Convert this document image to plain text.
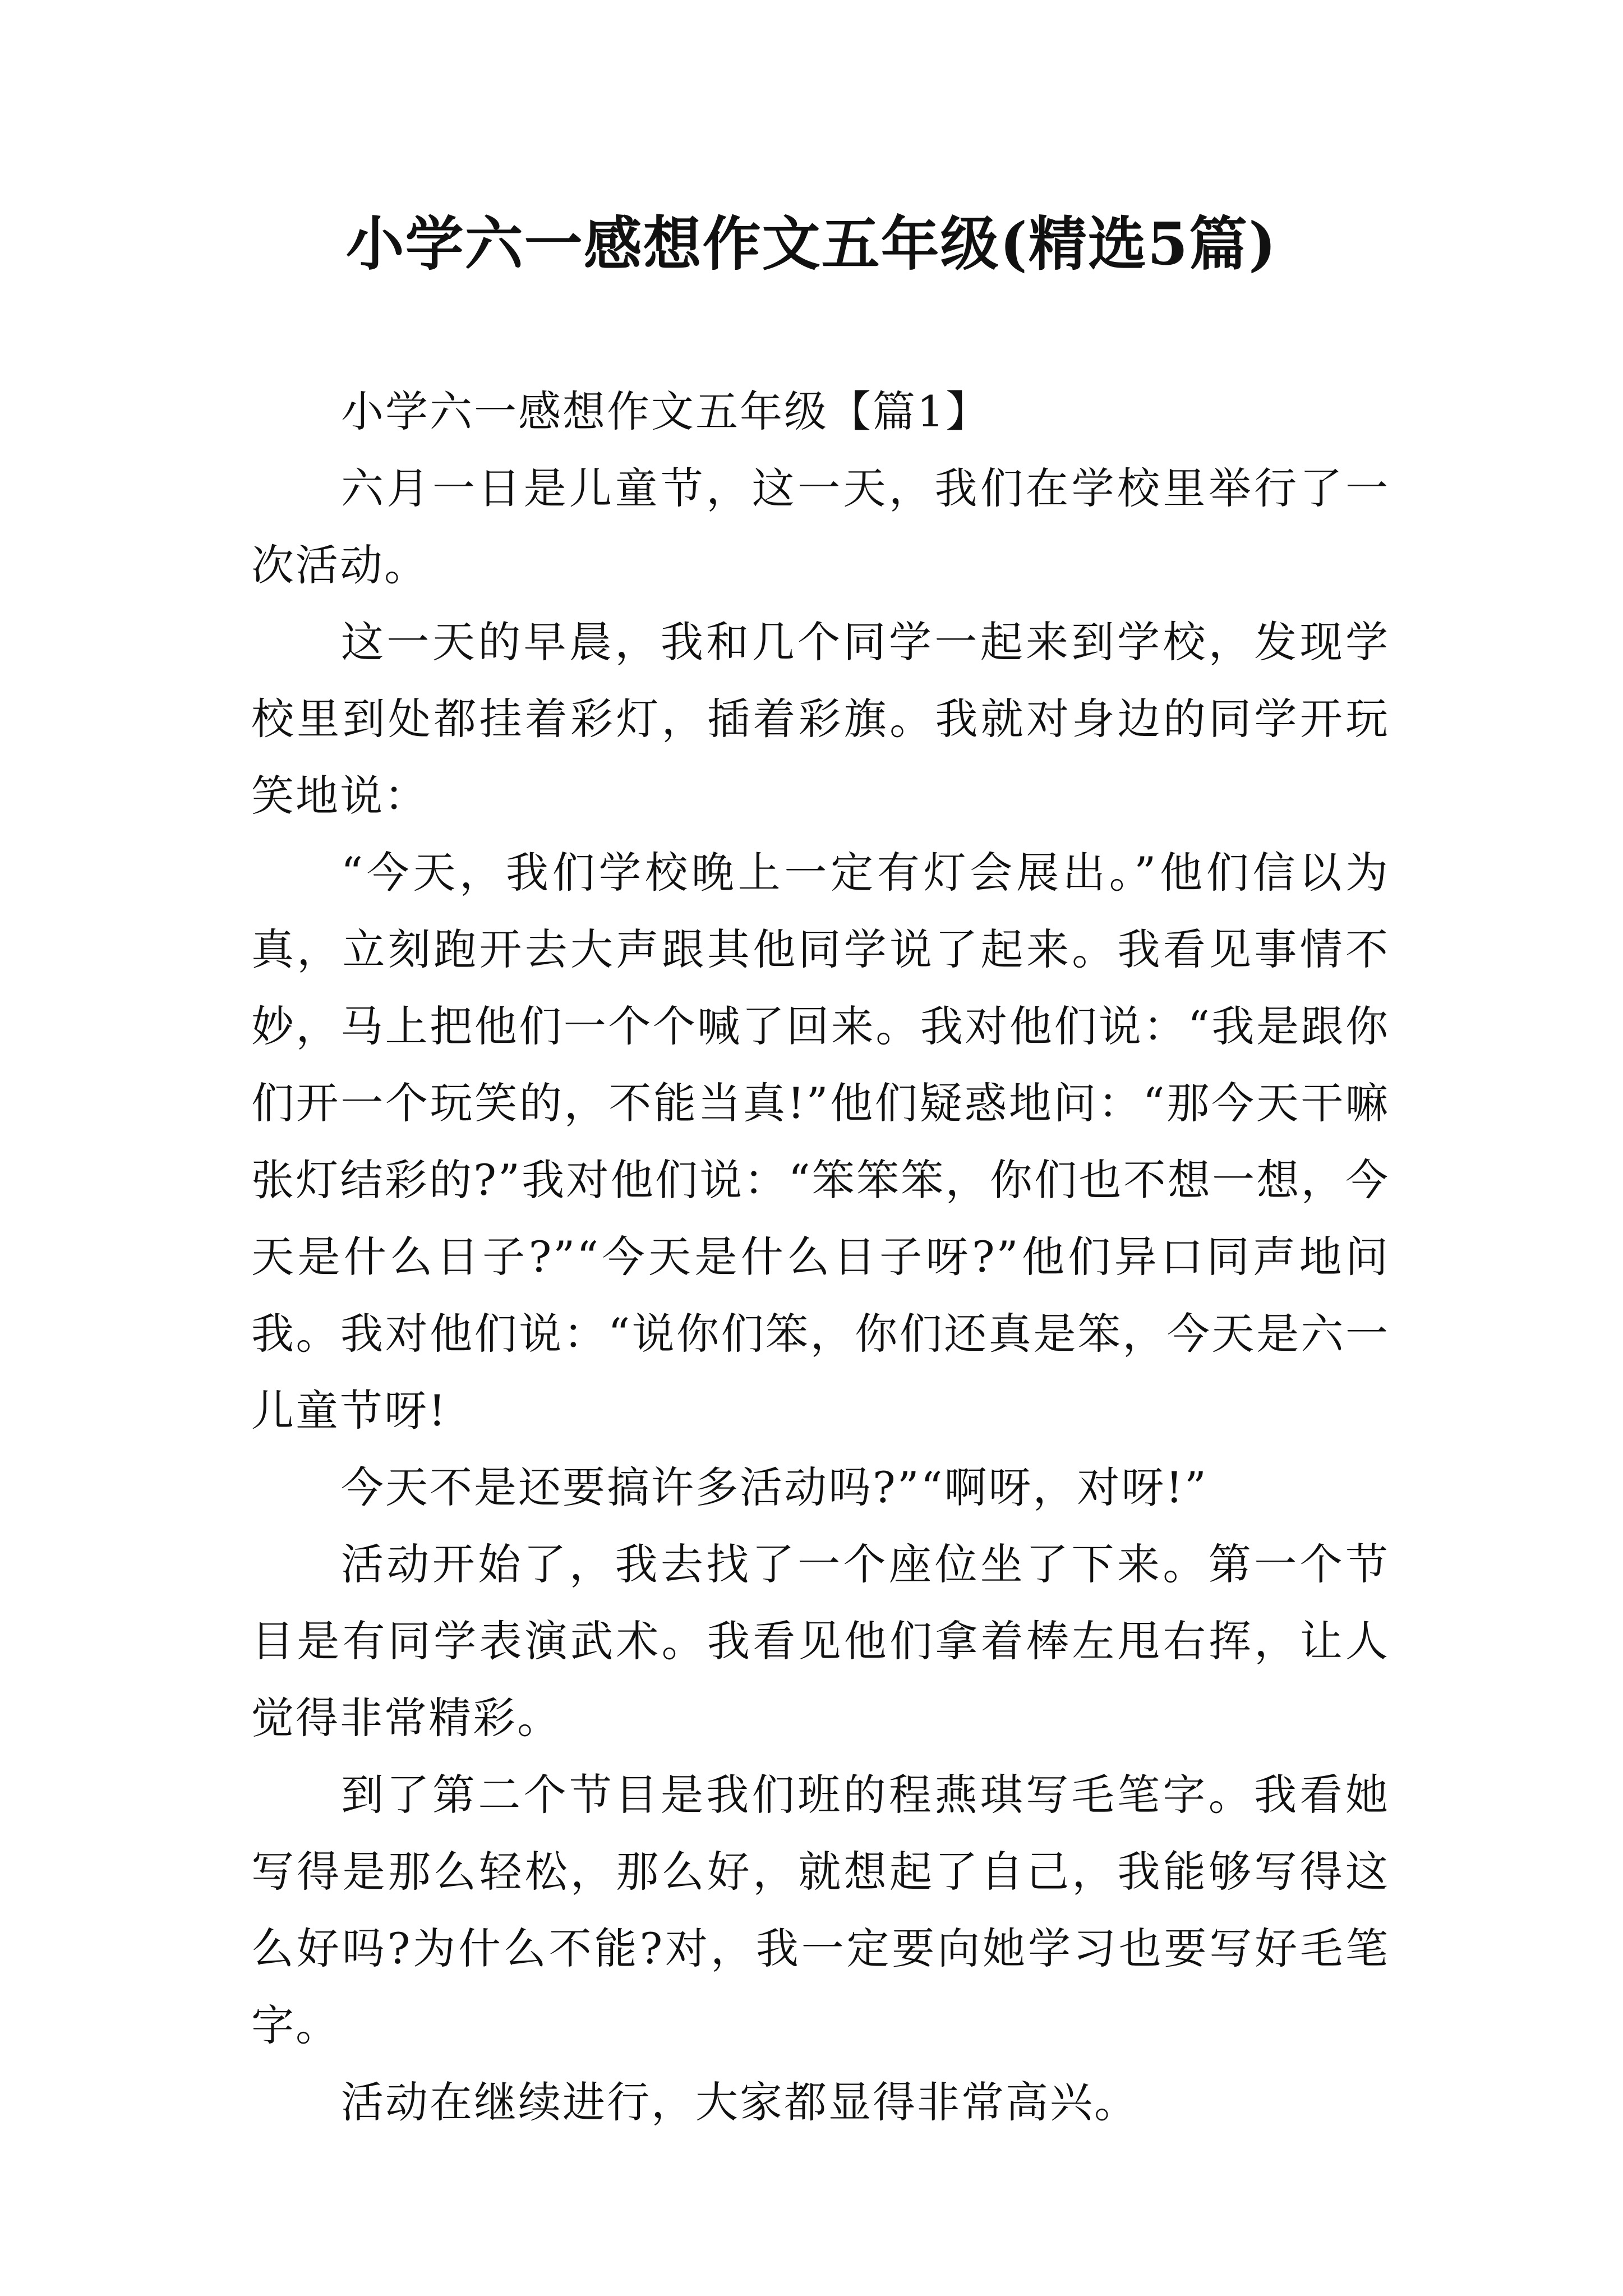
小学六一感想作文五年级(精选5篇)

小学六一感想作文五年级【篇1】

六月一日是儿童节，这一天，我们在学校里举行了一次活动。

这一天的早晨，我和几个同学一起来到学校，发现学校里到处都挂着彩灯，插着彩旗。我就对身边的同学开玩笑地说：

“今天，我们学校晚上一定有灯会展出。”他们信以为真，立刻跑开去大声跟其他同学说了起来。我看见事情不妙，马上把他们一个个喊了回来。我对他们说：“我是跟你们开一个玩笑的，不能当真!”他们疑惑地问：“那今天干嘛张灯结彩的?”我对他们说：“笨笨笨，你们也不想一想，今天是什么日子?”“今天是什么日子呀?”他们异口同声地问我。我对他们说：“说你们笨，你们还真是笨，今天是六一儿童节呀!

今天不是还要搞许多活动吗?”“啊呀，对呀!”

活动开始了，我去找了一个座位坐了下来。第一个节目是有同学表演武术。我看见他们拿着棒左甩右挥，让人觉得非常精彩。

到了第二个节目是我们班的程燕琪写毛笔字。我看她写得是那么轻松，那么好，就想起了自己，我能够写得这么好吗?为什么不能?对，我一定要向她学习也要写好毛笔字。

活动在继续进行，大家都显得非常高兴。
